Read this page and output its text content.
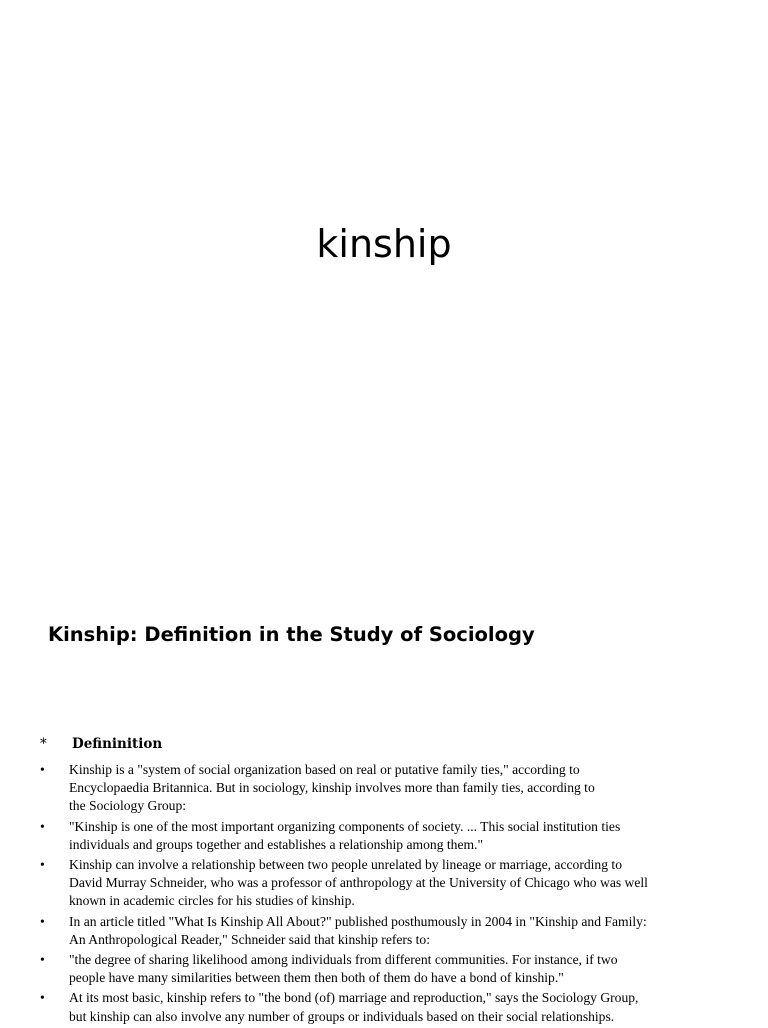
kinship
Kinship: Definition in the Study of Sociology
* Defininition
• Kinship is a "system of social organization based on real or putative family ties," according to
Encyclopaedia Britannica. But in sociology, kinship involves more than family ties, according to
the Sociology Group:
• "Kinship is one of the most important organizing components of society. ... This social institution ties
individuals and groups together and establishes a relationship among them."
• Kinship can involve a relationship between two people unrelated by lineage or marriage, according to
David Murray Schneider, who was a professor of anthropology at the University of Chicago who was well
known in academic circles for his studies of kinship.
• In an article titled "What Is Kinship All About?" published posthumously in 2004 in "Kinship and Family:
An Anthropological Reader," Schneider said that kinship refers to:
• "the degree of sharing likelihood among individuals from different communities. For instance, if two
people have many similarities between them then both of them do have a bond of kinship."
• At its most basic, kinship refers to "the bond (of) marriage and reproduction," says the Sociology Group,
but kinship can also involve any number of groups or individuals based on their social relationships.
